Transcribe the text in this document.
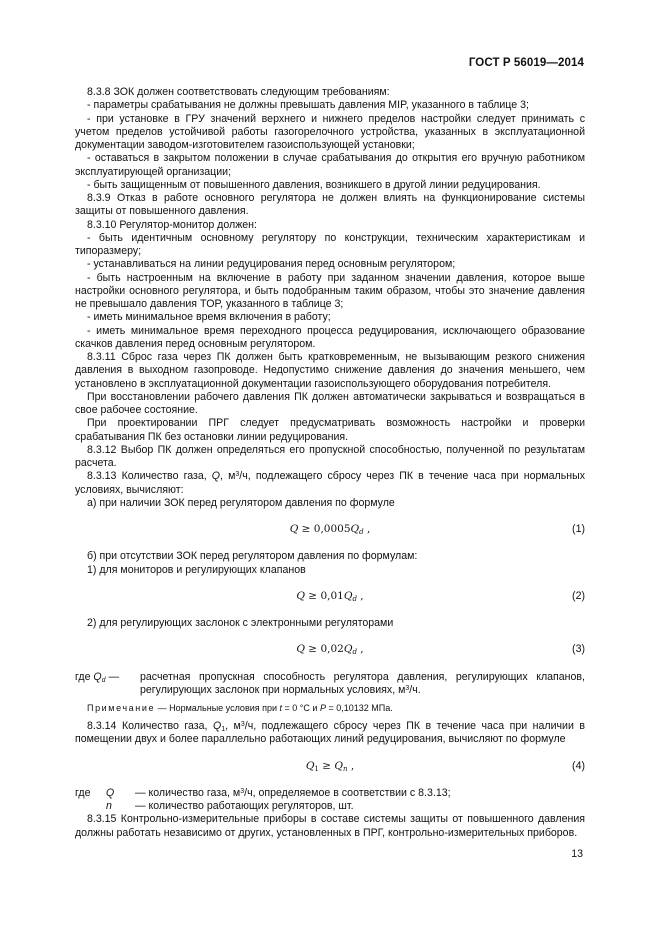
ГОСТ Р 56019—2014

8.3.8 ЗОК должен соответствовать следующим требованиям:

- параметры срабатывания не должны превышать давления MIP, указанного в таблице 3;

- при установке в ГРУ значений верхнего и нижнего пределов настройки следует принимать с учетом пределов устойчивой работы газогорелочного устройства, указанных в эксплуатационной документации заводом-изготовителем газоиспользующей установки;

- оставаться в закрытом положении в случае срабатывания до открытия его вручную работником эксплуатирующей организации;

- быть защищенным от повышенного давления, возникшего в другой линии редуцирования.

8.3.9 Отказ в работе основного регулятора не должен влиять на функционирование системы защиты от повышенного давления.

8.3.10 Регулятор-монитор должен:

- быть идентичным основному регулятору по конструкции, техническим характеристикам и типоразмеру;

- устанавливаться на линии редуцирования перед основным регулятором;

- быть настроенным на включение в работу при заданном значении давления, которое выше настройки основного регулятора, и быть подобранным таким образом, чтобы это значение давления не превышало давления TOP, указанного в таблице 3;

- иметь минимальное время включения в работу;

- иметь минимальное время переходного процесса редуцирования, исключающего образование скачков давления перед основным регулятором.

8.3.11 Сброс газа через ПК должен быть кратковременным, не вызывающим резкого снижения давления в выходном газопроводе. Недопустимо снижение давления до значения меньшего, чем установлено в эксплуатационной документации газоиспользующего оборудования потребителя.

При восстановлении рабочего давления ПК должен автоматически закрываться и возвращаться в свое рабочее состояние.

При проектировании ПРГ следует предусматривать возможность настройки и проверки срабатывания ПК без остановки линии редуцирования.

8.3.12 Выбор ПК должен определяться его пропускной способностью, полученной по результатам расчета.

8.3.13 Количество газа, Q, $м^3/ч$, подлежащего сбросу через ПК в течение часа при нормальных условиях, вычисляют:

а) при наличии ЗОК перед регулятором давления по формуле

$Q \ge 0,0005Q_d$ ,	(1)

б) при отсутствии ЗОК перед регулятором давления по формулам:

1) для мониторов и регулирующих клапанов

$Q \ge 0,01Q_d$ ,	(2)

2) для регулирующих заслонок с электронными регуляторами

$Q \ge 0,02Q_d$ ,	(3)

где $Q_d$ — расчетная пропускная способность регулятора давления, регулирующих клапанов, регулирующих заслонок при нормальных условиях, $м^3/ч$.

Примечание — Нормальные условия при t = 0 °С и P = 0,10132 МПа.

8.3.14 Количество газа, $Q_1$, $м^3/ч$, подлежащего сбросу через ПК в течение часа при наличии в помещении двух и более параллельно работающих линий редуцирования, вычисляют по формуле

$Q_1 \ge Q_n$ ,	(4)

где Q — количество газа, $м^3/ч$, определяемое в соответствии с 8.3.13;

n — количество работающих регуляторов, шт.

8.3.15 Контрольно-измерительные приборы в составе системы защиты от повышенного давления должны работать независимо от других, установленных в ПРГ, контрольно-измерительных приборов.

13
